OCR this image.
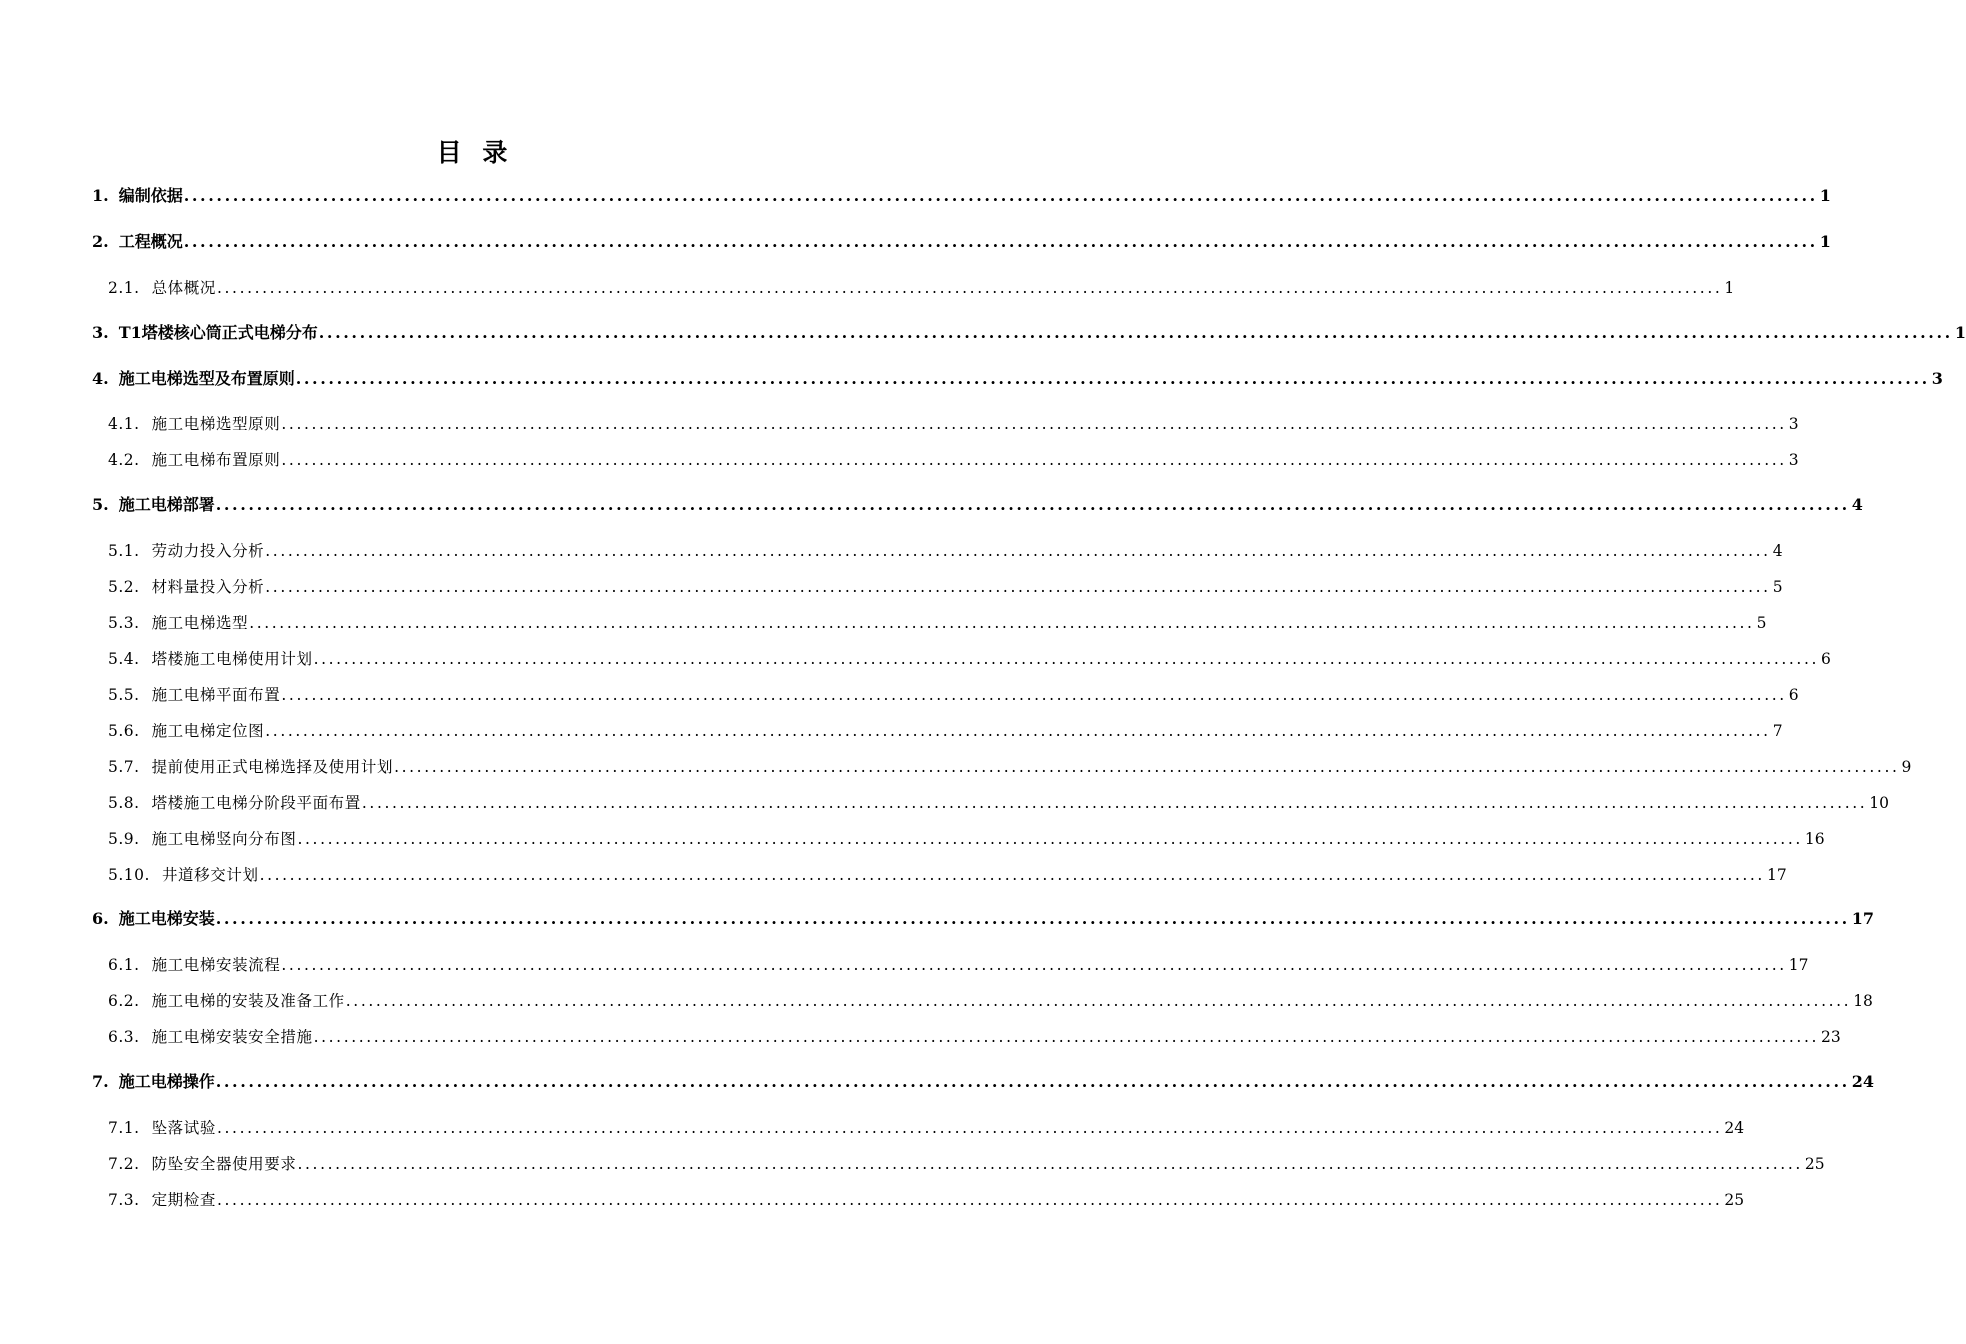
目 录
1. 编制依据 ........................................................................................................................................................................................................ 1
2. 工程概况 ........................................................................................................................................................................................................ 1
2.1. 总体概况 ........................................................................................................................................................................................................ 1
3. T1塔楼核心筒正式电梯分布 ........................................................................................................................................................................................................ 1
4. 施工电梯选型及布置原则 ........................................................................................................................................................................................................ 3
4.1. 施工电梯选型原则 ........................................................................................................................................................................................................ 3
4.2. 施工电梯布置原则 ........................................................................................................................................................................................................ 3
5. 施工电梯部署 ........................................................................................................................................................................................................ 4
5.1. 劳动力投入分析 ........................................................................................................................................................................................................ 4
5.2. 材料量投入分析 ........................................................................................................................................................................................................ 5
5.3. 施工电梯选型 ........................................................................................................................................................................................................ 5
5.4. 塔楼施工电梯使用计划 ........................................................................................................................................................................................................ 6
5.5. 施工电梯平面布置 ........................................................................................................................................................................................................ 6
5.6. 施工电梯定位图 ........................................................................................................................................................................................................ 7
5.7. 提前使用正式电梯选择及使用计划 ........................................................................................................................................................................................................ 9
5.8. 塔楼施工电梯分阶段平面布置 ........................................................................................................................................................................................................ 10
5.9. 施工电梯竖向分布图 ........................................................................................................................................................................................................ 16
5.10. 井道移交计划 ........................................................................................................................................................................................................ 17
6. 施工电梯安装 ........................................................................................................................................................................................................ 17
6.1. 施工电梯安装流程 ........................................................................................................................................................................................................ 17
6.2. 施工电梯的安装及准备工作 ........................................................................................................................................................................................................ 18
6.3. 施工电梯安装安全措施 ........................................................................................................................................................................................................ 23
7. 施工电梯操作 ........................................................................................................................................................................................................ 24
7.1. 坠落试验 ........................................................................................................................................................................................................ 24
7.2. 防坠安全器使用要求 ........................................................................................................................................................................................................ 25
7.3. 定期检查 ........................................................................................................................................................................................................ 25
